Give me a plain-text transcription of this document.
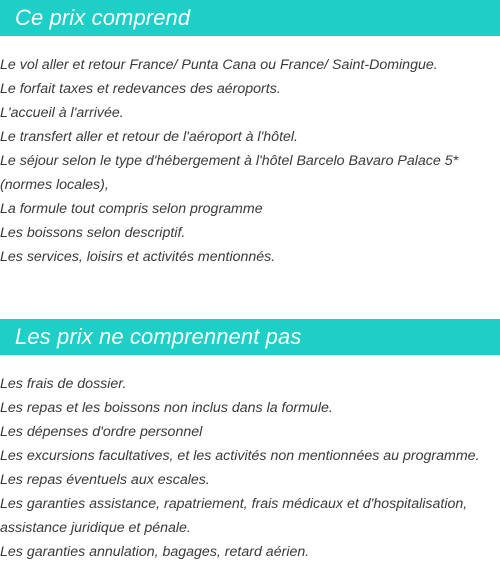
Ce prix comprend
Le vol aller et retour France/ Punta Cana ou France/ Saint-Domingue.
Le forfait taxes et redevances des aéroports.
L'accueil à l'arrivée.
Le transfert aller et retour de l'aéroport à l'hôtel.
Le séjour selon le type d'hébergement à l'hôtel Barcelo Bavaro Palace 5*
(normes locales),
La formule tout compris selon programme
Les boissons selon descriptif.
Les services, loisirs et activités mentionnés.
Les prix ne comprennent pas
Les frais de dossier.
Les repas et les boissons non inclus dans la formule.
Les dépenses d'ordre personnel
Les excursions facultatives, et les activités non mentionnées au programme.
Les repas éventuels aux escales.
Les garanties assistance, rapatriement, frais médicaux et d'hospitalisation,
assistance juridique et pénale.
Les garanties annulation, bagages, retard aérien.
